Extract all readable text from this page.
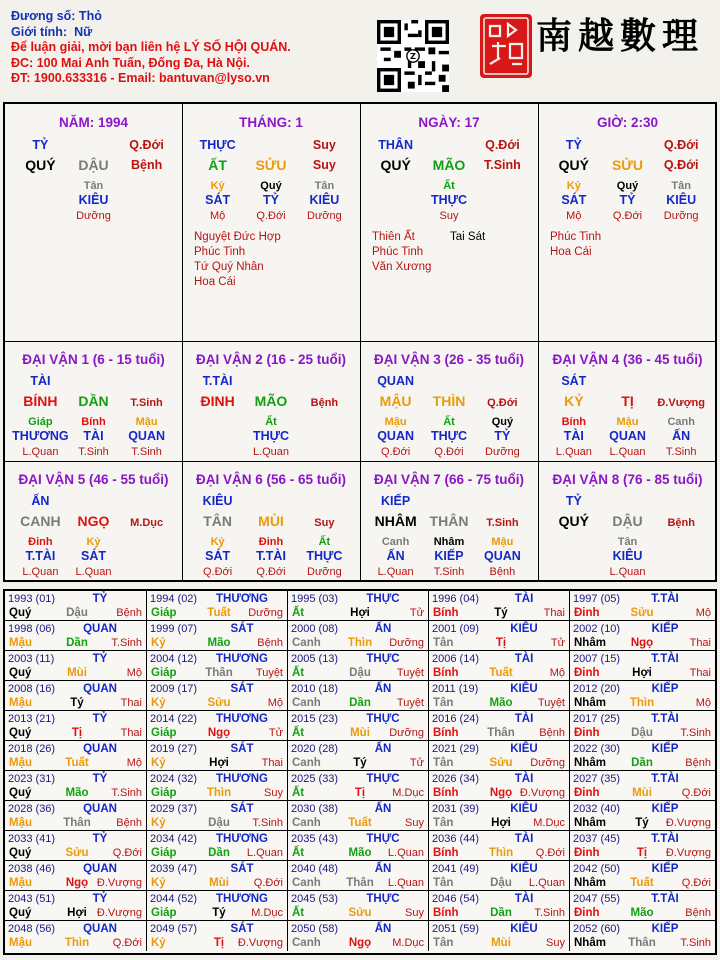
Đương số: Thỏ
Giới tính: Nữ
Để luận giải, mời bạn liên hệ LÝ SỐ HỘI QUÁN.
ĐC: 100 Mai Anh Tuấn, Đống Đa, Hà Nội.
ĐT: 1900.633316 - Email: bantuvan@lyso.vn
Z	南越數理
NĂM: 1994
TỶ	Q.Đới
QUÝ	DẬU	Bệnh
Tân
KIÊU
Dưỡng
THÁNG: 1
THỰC	Suy
ẤT	SỬU	Suy
Kỷ
SÁT
Mộ
Quý
TỶ
Q.Đới
Tân
KIÊU
Dưỡng
Nguyệt Đức Hợp
Phúc Tinh
Tứ Quý Nhân
Hoa Cái
NGÀY: 17
THÂN	Q.Đới
QUÝ	MÃO	T.Sinh
Ất
THỰC
Suy
Thiên Ất
Phúc Tinh
Văn Xương
Tai Sát
GIỜ: 2:30
TỶ	Q.Đới
QUÝ	SỬU	Q.Đới
Kỷ
SÁT
Mộ
Quý
TỶ
Q.Đới
Tân
KIÊU
Dưỡng
Phúc Tinh
Hoa Cái
ĐẠI VẬN 1 (6 - 15 tuổi)
TÀI
BÍNH	DẦN	T.Sinh
Giáp
THƯƠNG
L.Quan
Bính
TÀI
T.Sinh
Mậu
QUAN
T.Sinh
ĐẠI VẬN 2 (16 - 25 tuổi)
T.TÀI
ĐINH	MÃO	Bệnh
Ất
THỰC
L.Quan
ĐẠI VẬN 3 (26 - 35 tuổi)
QUAN
MẬU	THÌN	Q.Đới
Mậu
QUAN
Q.Đới
Ất
THỰC
Q.Đới
Quý
TỶ
Dưỡng
ĐẠI VẬN 4 (36 - 45 tuổi)
SÁT
KỶ	TỊ	Đ.Vượng
Bính
TÀI
L.Quan
Mậu
QUAN
L.Quan
Canh
ẤN
T.Sinh
ĐẠI VẬN 5 (46 - 55 tuổi)
ẤN
CANH	NGỌ	M.Dục
Đinh
T.TÀI
L.Quan
Kỷ
SÁT
L.Quan
ĐẠI VẬN 6 (56 - 65 tuổi)
KIÊU
TÂN	MÙI	Suy
Kỷ
SÁT
Q.Đới
Đinh
T.TÀI
Q.Đới
Ất
THỰC
Dưỡng
ĐẠI VẬN 7 (66 - 75 tuổi)
KIẾP
NHÂM THÂN	T.Sinh
Canh
ẤN
L.Quan
Nhâm
KIẾP
T.Sinh
Mậu
QUAN
Bệnh
ĐẠI VẬN 8 (76 - 85 tuổi)
TỶ
QUÝ	DẬU	Bệnh
Tân
KIÊU
L.Quan
1993 (01)	TỶ
Quý	Dậu	Bệnh
1994 (02)	THƯƠNG
Giáp	Tuất	Dưỡng
1995 (03)	THỰC
Ất	Hợi	Tử
1996 (04)	TÀI
Bính	Tý	Thai
1997 (05)	T.TÀI
Đinh	Sửu	Mộ
1998 (06)	QUAN
Mậu	Dần	T.Sinh
1999 (07)	SÁT
Kỷ	Mão	Bệnh
2000 (08)	ẤN
Canh	Thìn	Dưỡng
2001 (09)	KIÊU
Tân	Tị	Tử
2002 (10)	KIẾP
Nhâm	Ngọ	Thai
2003 (11)	TỶ
Quý	Mùi	Mộ
2004 (12)	THƯƠNG
Giáp	Thân	Tuyệt
2005 (13)	THỰC
Ất	Dậu	Tuyệt
2006 (14)	TÀI
Bính	Tuất	Mộ
2007 (15)	T.TÀI
Đinh	Hợi	Thai
2008 (16)	QUAN
Mậu	Tý	Thai
2009 (17)	SÁT
Kỷ	Sửu	Mộ
2010 (18)	ẤN
Canh	Dần	Tuyệt
2011 (19)	KIÊU
Tân	Mão	Tuyệt
2012 (20)	KIẾP
Nhâm	Thìn	Mộ
2013 (21)	TỶ
Quý	Tị	Thai
2014 (22)	THƯƠNG
Giáp	Ngọ	Tử
2015 (23)	THỰC
Ất	Mùi	Dưỡng
2016 (24)	TÀI
Bính	Thân	Bệnh
2017 (25)	T.TÀI
Đinh	Dậu	T.Sinh
2018 (26)	QUAN
Mậu	Tuất	Mộ
2019 (27)	SÁT
Kỷ	Hợi	Thai
2020 (28)	ẤN
Canh	Tý	Tử
2021 (29)	KIÊU
Tân	Sửu	Dưỡng
2022 (30)	KIẾP
Nhâm	Dần	Bệnh
2023 (31)	TỶ
Quý	Mão	T.Sinh
2024 (32)	THƯƠNG
Giáp	Thìn	Suy
2025 (33)	THỰC
Ất	Tị	M.Dục
2026 (34)	TÀI
Bính	Ngọ Đ.Vượng
2027 (35)	T.TÀI
Đinh	Mùi	Q.Đới
2028 (36)	QUAN
Mậu	Thân	Bệnh
2029 (37)	SÁT
Kỷ	Dậu	T.Sinh
2030 (38)	ẤN
Canh	Tuất	Suy
2031 (39)	KIÊU
Tân	Hợi	M.Dục
2032 (40)	KIẾP
Nhâm	Tý	Đ.Vượng
2033 (41)	TỶ
Quý	Sửu	Q.Đới
2034 (42)	THƯƠNG
Giáp	Dần	L.Quan
2035 (43)	THỰC
Ất	Mão	L.Quan
2036 (44)	TÀI
Bính	Thìn	Q.Đới
2037 (45)	T.TÀI
Đinh	Tị	Đ.Vượng
2038 (46)	QUAN
Mậu	Ngọ Đ.Vượng
2039 (47)	SÁT
Kỷ	Mùi	Q.Đới
2040 (48)	ẤN
Canh	Thân	L.Quan
2041 (49)	KIÊU
Tân	Dậu	L.Quan
2042 (50)	KIẾP
Nhâm	Tuất	Q.Đới
2043 (51)	TỶ
Quý	Hợi Đ.Vượng
2044 (52)	THƯƠNG
Giáp	Tý	M.Dục
2045 (53)	THỰC
Ất	Sửu	Suy
2046 (54)	TÀI
Bính	Dần	T.Sinh
2047 (55)	T.TÀI
Đinh	Mão	Bệnh
2048 (56)	QUAN
Mậu	Thìn	Q.Đới
2049 (57)	SÁT
Kỷ	Tị	Đ.Vượng
2050 (58)	ẤN
Canh	Ngọ	M.Dục
2051 (59)	KIÊU
Tân	Mùi	Suy
2052 (60)	KIẾP
Nhâm	Thân	T.Sinh
